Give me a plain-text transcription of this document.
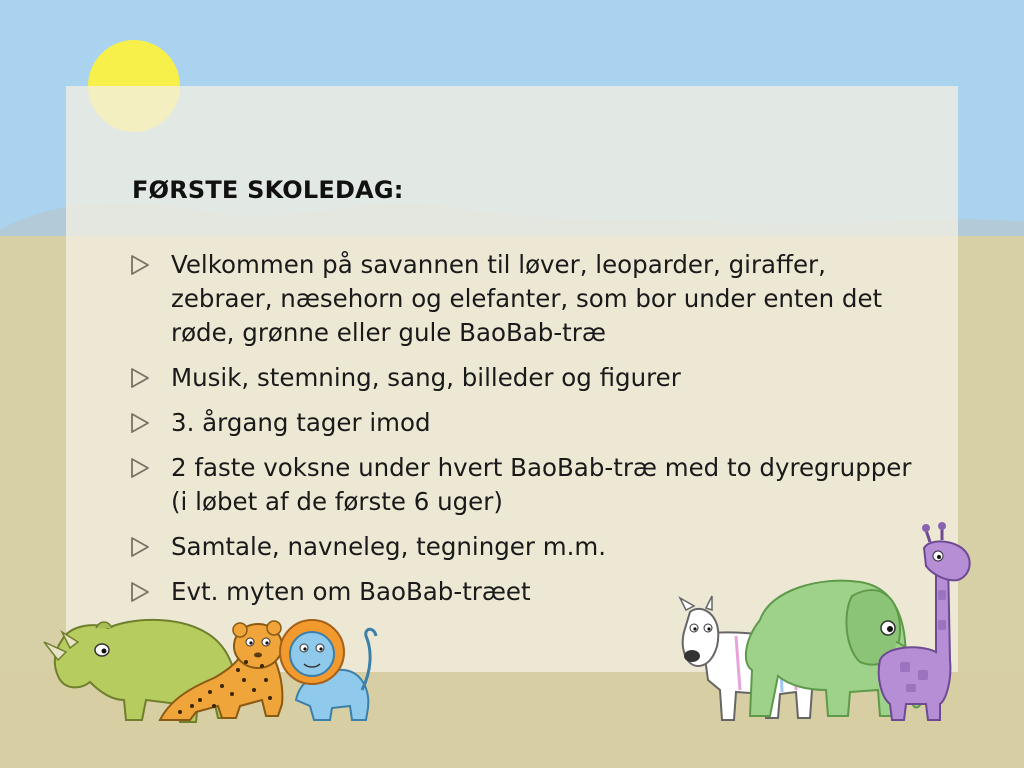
FØRSTE SKOLEDAG:
Velkommen på savannen til løver, leoparder, giraffer, zebraer, næsehorn og elefanter, som bor under enten det røde, grønne eller gule BaoBab-træ
Musik, stemning, sang, billeder og figurer
3. årgang tager imod
2 faste voksne under hvert BaoBab-træ med to dyregrupper (i løbet af de første 6 uger)
Samtale, navneleg, tegninger m.m.
Evt. myten om BaoBab-træet
